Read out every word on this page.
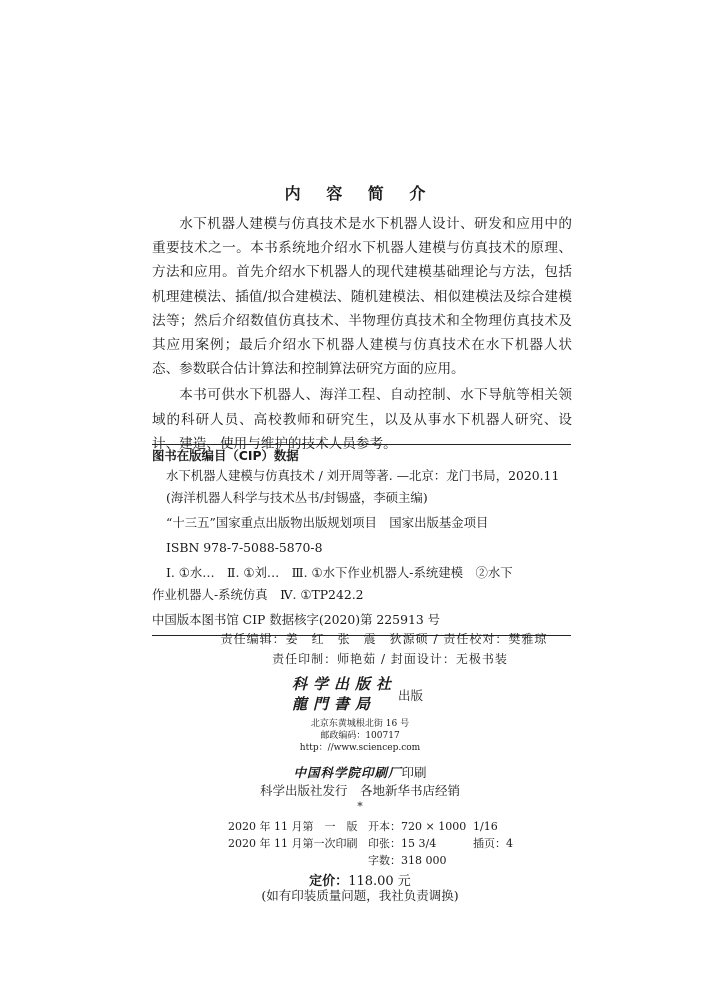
内 容 简 介

水下机器人建模与仿真技术是水下机器人设计、研发和应用中的重要技术之一。本书系统地介绍水下机器人建模与仿真技术的原理、方法和应用。首先介绍水下机器人的现代建模基础理论与方法，包括机理建模法、插值/拟合建模法、随机建模法、相似建模法及综合建模法等；然后介绍数值仿真技术、半物理仿真技术和全物理仿真技术及其应用案例；最后介绍水下机器人建模与仿真技术在水下机器人状态、参数联合估计算法和控制算法研究方面的应用。

本书可供水下机器人、海洋工程、自动控制、水下导航等相关领域的科研人员、高校教师和研究生，以及从事水下机器人研究、设计、建造、使用与维护的技术人员参考。

图书在版编目（CIP）数据
水下机器人建模与仿真技术 / 刘开周等著. —北京：龙门书局，2020.11
(海洋机器人科学与技术丛书/封锡盛，李硕主编)
“十三五”国家重点出版物出版规划项目　国家出版基金项目
ISBN 978-7-5088-5870-8
Ⅰ. ①水…　Ⅱ. ①刘…　Ⅲ. ①水下作业机器人-系统建模　②水下
作业机器人-系统仿真　Ⅳ. ①TP242.2
中国版本图书馆 CIP 数据核字(2020)第 225913 号
责任编辑：姜　红　张　震　狄源硕 / 责任校对：樊雅琼
责任印制：师艳茹 / 封面设计：无极书装
科学出版社
龍門書局	出版
北京东黄城根北街 16 号
邮政编码：100717
http：//www.sciencep.com
中国科学院印刷厂印刷
科学出版社发行　各地新华书店经销
*
2020 年 11 月第　一　版 开本：720 × 1000 1/16
2020 年 11 月第一次印刷 印张：15 3/4	插页：4
字数：318 000
定价：118.00 元
(如有印装质量问题，我社负责调换)
